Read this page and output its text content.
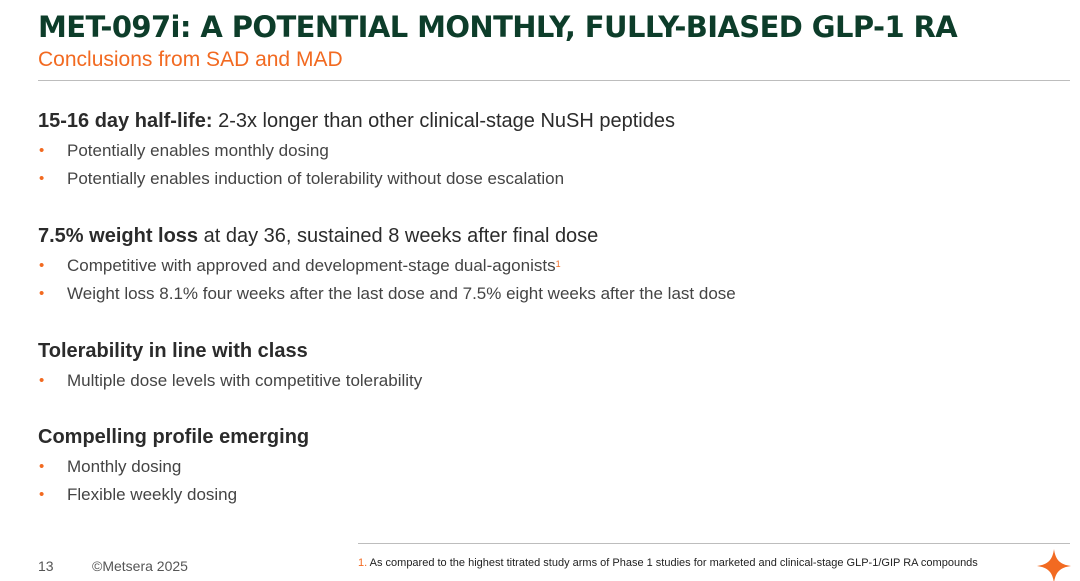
MET-097i: A POTENTIAL MONTHLY, FULLY-BIASED GLP-1 RA
Conclusions from SAD and MAD
15-16 day half-life: 2-3x longer than other clinical-stage NuSH peptides
• Potentially enables monthly dosing
• Potentially enables induction of tolerability without dose escalation
7.5% weight loss at day 36, sustained 8 weeks after final dose
• Competitive with approved and development-stage dual-agonists$^1$
• Weight loss 8.1% four weeks after the last dose and 7.5% eight weeks after the last dose
Tolerability in line with class
• Multiple dose levels with competitive tolerability
Compelling profile emerging
• Monthly dosing
• Flexible weekly dosing
13	©Metsera 2025	1. As compared to the highest titrated study arms of Phase 1 studies for marketed and clinical-stage GLP-1/GIP RA compounds
